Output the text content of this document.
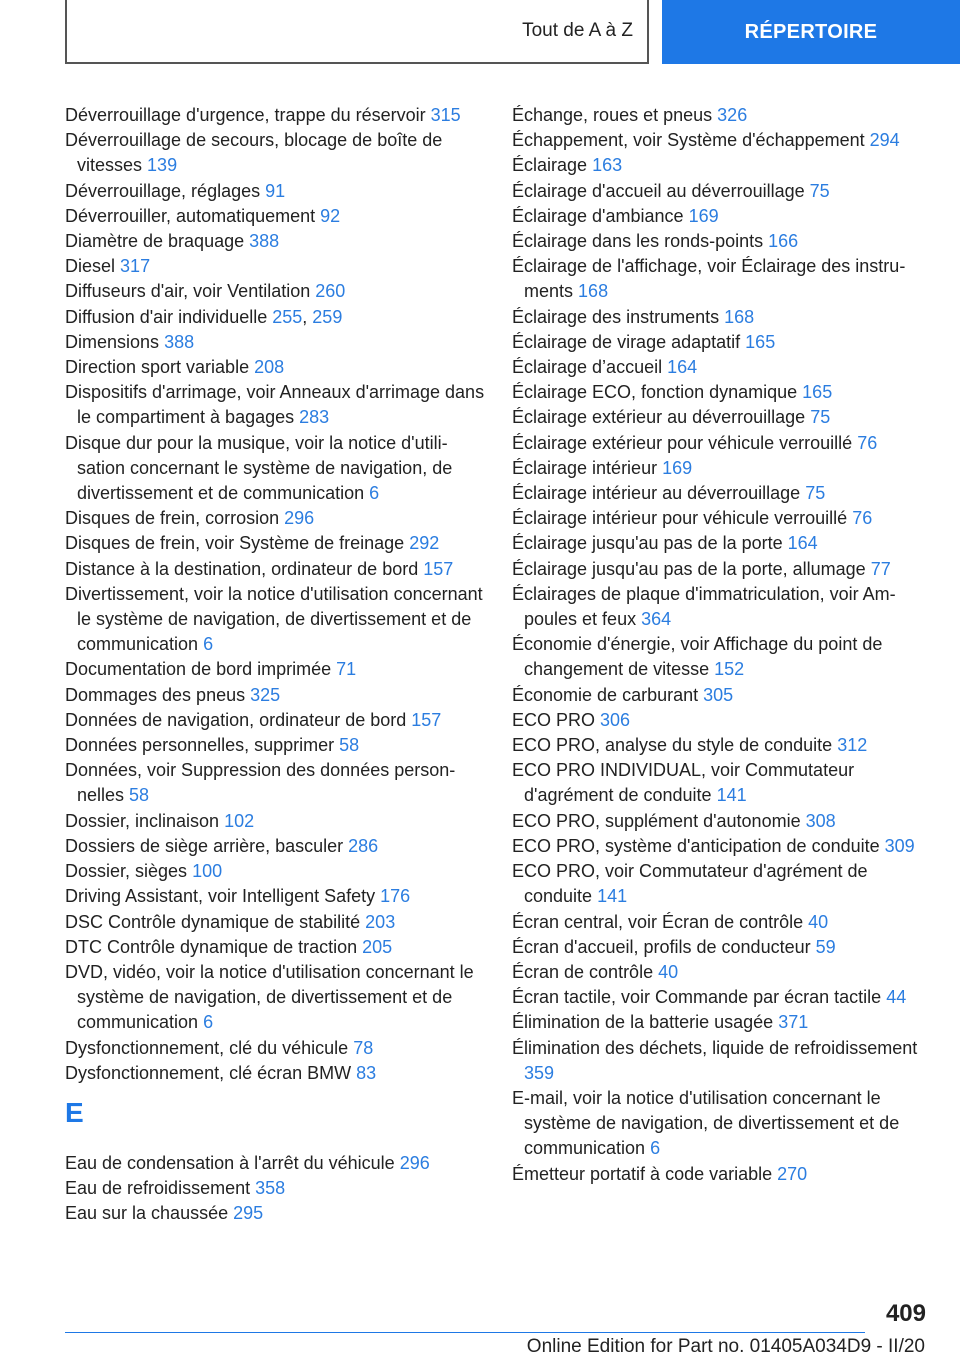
Tout de A à Z	RÉPERTOIRE
Déverrouillage d'urgence, trappe du réservoir 315
Déverrouillage de secours, blocage de boîte de vitesses 139
Déverrouillage, réglages 91
Déverrouiller, automatiquement 92
Diamètre de braquage 388
Diesel 317
Diffuseurs d'air, voir Ventilation 260
Diffusion d'air individuelle 255, 259
Dimensions 388
Direction sport variable 208
Dispositifs d'arrimage, voir Anneaux d'arrimage dans le compartiment à bagages 283
Disque dur pour la musique, voir la notice d'utilisation concernant le système de navigation, de divertissement et de communication 6
Disques de frein, corrosion 296
Disques de frein, voir Système de freinage 292
Distance à la destination, ordinateur de bord 157
Divertissement, voir la notice d'utilisation concernant le système de navigation, de divertissement et de communication 6
Documentation de bord imprimée 71
Dommages des pneus 325
Données de navigation, ordinateur de bord 157
Données personnelles, supprimer 58
Données, voir Suppression des données personnelles 58
Dossier, inclinaison 102
Dossiers de siège arrière, basculer 286
Dossier, sièges 100
Driving Assistant, voir Intelligent Safety 176
DSC Contrôle dynamique de stabilité 203
DTC Contrôle dynamique de traction 205
DVD, vidéo, voir la notice d'utilisation concernant le système de navigation, de divertissement et de communication 6
Dysfonctionnement, clé du véhicule 78
Dysfonctionnement, clé écran BMW 83
E
Eau de condensation à l'arrêt du véhicule 296
Eau de refroidissement 358
Eau sur la chaussée 295
Échange, roues et pneus 326
Échappement, voir Système d'échappement 294
Éclairage 163
Éclairage d'accueil au déverrouillage 75
Éclairage d'ambiance 169
Éclairage dans les ronds-points 166
Éclairage de l'affichage, voir Éclairage des instruments 168
Éclairage des instruments 168
Éclairage de virage adaptatif 165
Éclairage d’accueil 164
Éclairage ECO, fonction dynamique 165
Éclairage extérieur au déverrouillage 75
Éclairage extérieur pour véhicule verrouillé 76
Éclairage intérieur 169
Éclairage intérieur au déverrouillage 75
Éclairage intérieur pour véhicule verrouillé 76
Éclairage jusqu'au pas de la porte 164
Éclairage jusqu'au pas de la porte, allumage 77
Éclairages de plaque d'immatriculation, voir Ampoules et feux 364
Économie d'énergie, voir Affichage du point de changement de vitesse 152
Économie de carburant 305
ECO PRO 306
ECO PRO, analyse du style de conduite 312
ECO PRO INDIVIDUAL, voir Commutateur d'agrément de conduite 141
ECO PRO, supplément d'autonomie 308
ECO PRO, système d'anticipation de conduite 309
ECO PRO, voir Commutateur d'agrément de conduite 141
Écran central, voir Écran de contrôle 40
Écran d'accueil, profils de conducteur 59
Écran de contrôle 40
Écran tactile, voir Commande par écran tactile 44
Élimination de la batterie usagée 371
Élimination des déchets, liquide de refroidissement 359
E-mail, voir la notice d'utilisation concernant le système de navigation, de divertissement et de communication 6
Émetteur portatif à code variable 270
409
Online Edition for Part no. 01405A034D9 - II/20
